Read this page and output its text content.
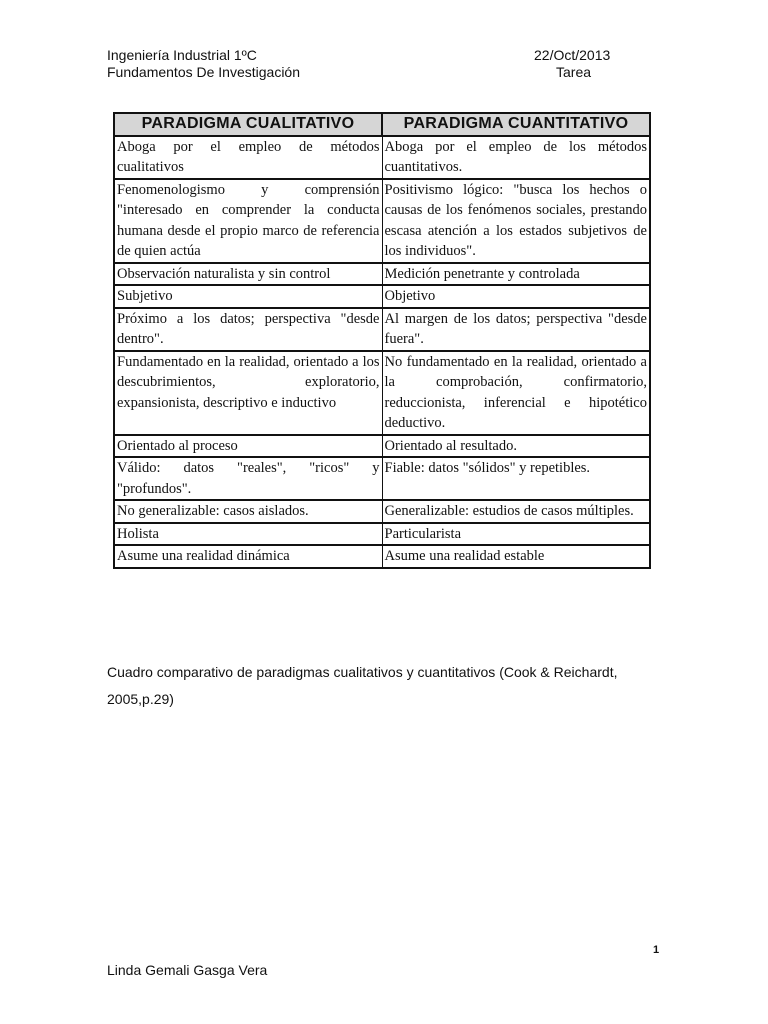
Ingeniería Industrial 1ºC
Fundamentos De Investigación
22/Oct/2013
Tarea
PARADIGMA CUALITATIVO	PARADIGMA CUANTITATIVO
Aboga por el empleo de métodos cualitativos	Aboga por el empleo de los métodos cuantitativos.
Fenomenologismo y comprensión "interesado en comprender la conducta humana desde el propio marco de referencia de quien actúa	Positivismo lógico: "busca los hechos o causas de los fenómenos sociales, prestando escasa atención a los estados subjetivos de los individuos".
Observación naturalista y sin control	Medición penetrante y controlada
Subjetivo	Objetivo
Próximo a los datos; perspectiva "desde dentro".	Al margen de los datos; perspectiva "desde fuera".
Fundamentado en la realidad, orientado a los descubrimientos, exploratorio, expansionista, descriptivo e inductivo	No fundamentado en la realidad, orientado a la comprobación, confirmatorio, reduccionista, inferencial e hipotético deductivo.
Orientado al proceso	Orientado al resultado.
Válido: datos "reales", "ricos" y "profundos".	Fiable: datos "sólidos" y repetibles.
No generalizable: casos aislados.	Generalizable: estudios de casos múltiples.
Holista	Particularista
Asume una realidad dinámica	Asume una realidad estable
Cuadro comparativo de paradigmas cualitativos y cuantitativos (Cook & Reichardt, 2005,p.29)
1
Linda Gemali Gasga Vera
